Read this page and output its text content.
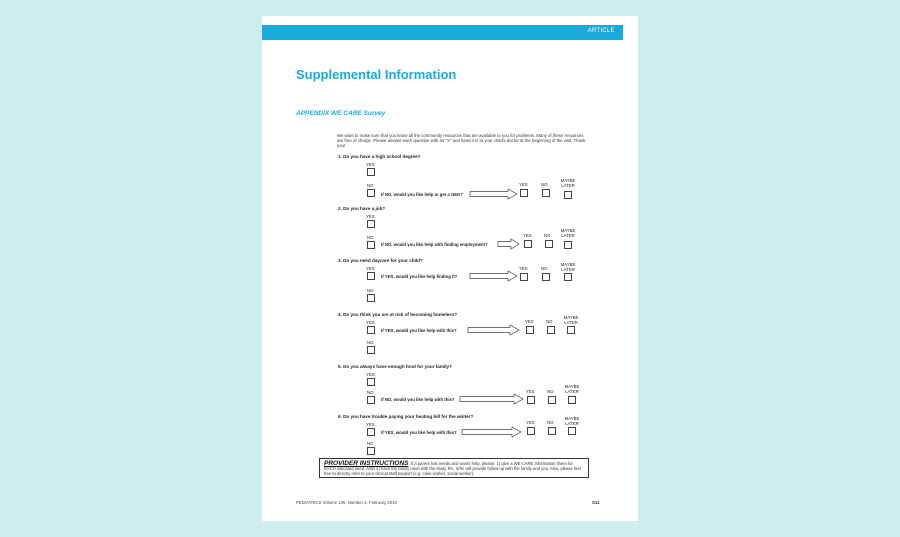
ARTICLE
Supplemental Information
APPENDIX WE CARE Survey
We want to make sure that you know all the community resources that are available to you for problems. Many of these resources are free of charge. Please answer each question with an "X" and hand it in to your child's doctor at the beginning of the visit. Thank you!
1. Do you have a high school degree?
YES
NO
If NO, would you like help to get a GED?
YES	NO
MAYBE
LATER
2. Do you have a job?
YES
NO
If NO, would you like help with finding employment?
YES	NO
MAYBE
LATER
3. Do you need daycare for your child?
YES
If YES, would you like help finding it?
YES	NO
MAYBE
LATER
NO
4. Do you think you are at risk of becoming homeless?
YES
If YES, would you like help with this?
YES	NO
MAYBE
LATER
NO
5. Do you always have enough food for your family?
YES
NO
If NO, would you like help with this?
YES	NO
MAYBE
LATER
6. Do you have trouble paying your heating bill for the winter?
YES
If YES, would you like help with this?
YES	NO
MAYBE
LATER
NO
PROVIDER INSTRUCTIONS: If a parent has needs and wants help, please: 1) give a WE CARE Information sheet for EACH indicated need, AND 2) have the family meet with the study RA. S/he will provide follow-up with the family and you. Also, please feel free to directly refer to your clinical staff support (e.g. case worker, social worker).
PEDIATRICS Volume 135, Number 2, February 2015	S11
